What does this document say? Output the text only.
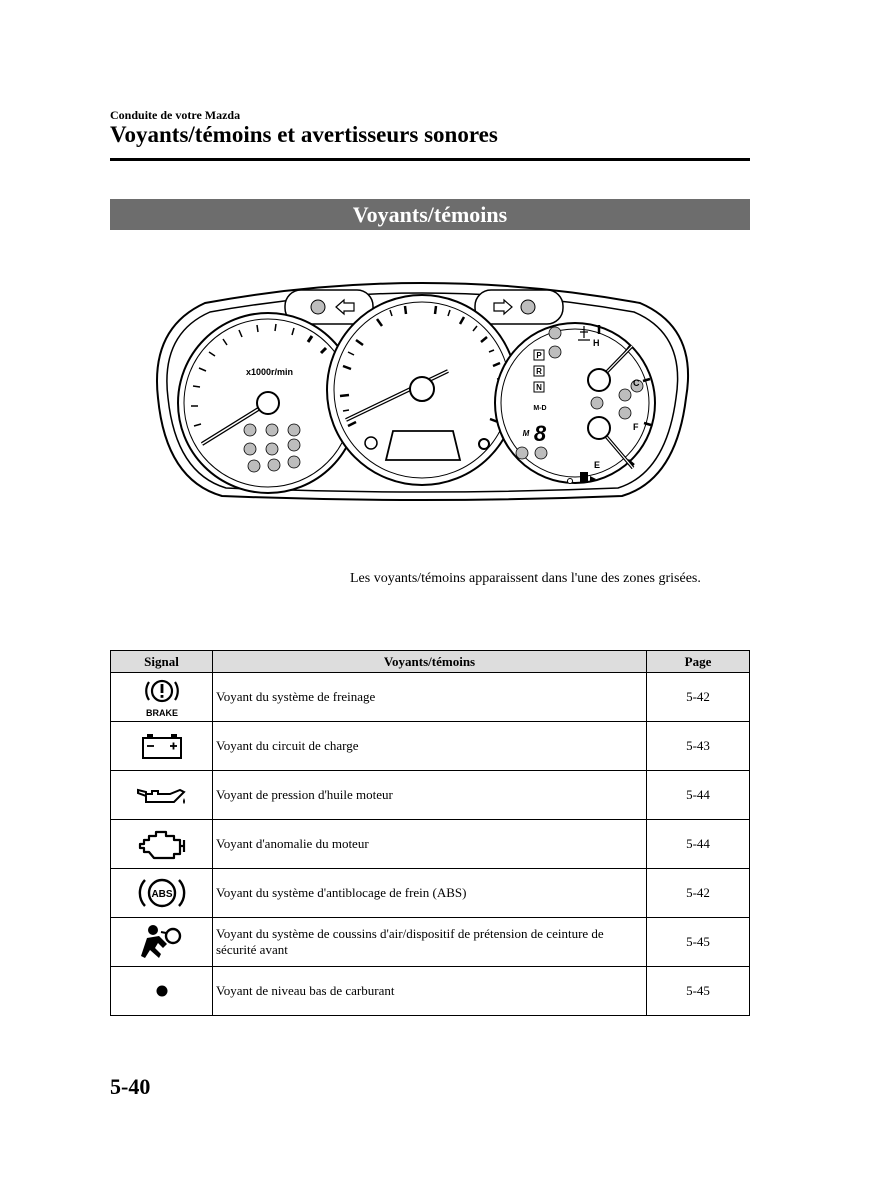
Conduite de votre Mazda
Voyants/témoins et avertisseurs sonores
Voyants/témoins
x1000r/min
P
R
N
M-D
M 8
H
C
F
E
Les voyants/témoins apparaissent dans l'une des zones grisées.
Signal	Voyants/témoins	Page

BRAKE	Voyant du système de freinage	5-42

	Voyant du circuit de charge	5-43

	Voyant de pression d'huile moteur	5-44

	Voyant d'anomalie du moteur	5-44

ABS	Voyant du système d'antiblocage de frein (ABS)	5-42

	Voyant du système de coussins d'air/dispositif de prétension de ceinture de sécurité avant	5-45

	Voyant de niveau bas de carburant	5-45
5-40
